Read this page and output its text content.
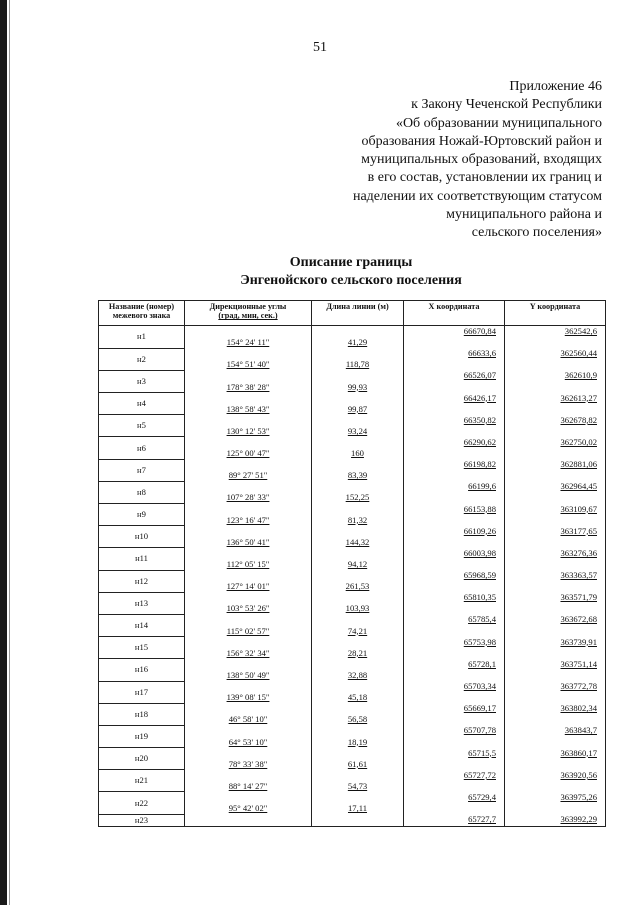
51
Приложение 46
к Закону Чеченской Республики
«Об образовании муниципального
образования Ножай-Юртовский район и
муниципальных образований, входящих
в его состав, установлении их границ и
наделении их соответствующим статусом
муниципального района и
сельского поселения»
Описание границы
Энгенойского сельского поселения
Название (номер)
межевого знака	Дирекционные углы
(град, мин, сек.)	Длина линии (м)	X координата	Y координата
н1			66670,84	362542,6
	154° 24' 11"	41,29		
н2			66633,6	362560,44
	154° 51' 40"	118,78		
н3			66526,07	362610,9
	178° 38' 28"	99,93		
н4			66426,17	362613,27
	138° 58' 43"	99,87		
н5			66350,82	362678,82
	130° 12' 53"	93,24		
н6			66290,62	362750,02
	125° 00' 47"	160		
н7			66198,82	362881,06
	89° 27' 51"	83,39		
н8			66199,6	362964,45
	107° 28' 33"	152,25		
н9			66153,88	363109,67
	123° 16' 47"	81,32		
н10			66109,26	363177,65
	136° 50' 41"	144,32		
н11			66003,98	363276,36
	112° 05' 15"	94,12		
н12			65968,59	363363,57
	127° 14' 01"	261,53		
н13			65810,35	363571,79
	103° 53' 26"	103,93		
н14			65785,4	363672,68
	115° 02' 57"	74,21		
н15			65753,98	363739,91
	156° 32' 34"	28,21		
н16			65728,1	363751,14
	138° 50' 49"	32,88		
н17			65703,34	363772,78
	139° 08' 15"	45,18		
н18			65669,17	363802,34
	46° 58' 10"	56,58		
н19			65707,78	363843,7
	64° 53' 10"	18,19		
н20			65715,5	363860,17
	78° 33' 38"	61,61		
н21			65727,72	363920,56
	88° 14' 27"	54,73		
н22			65729,4	363975,26
	95° 42' 02"	17,11		
н23			65727,7	363992,29
